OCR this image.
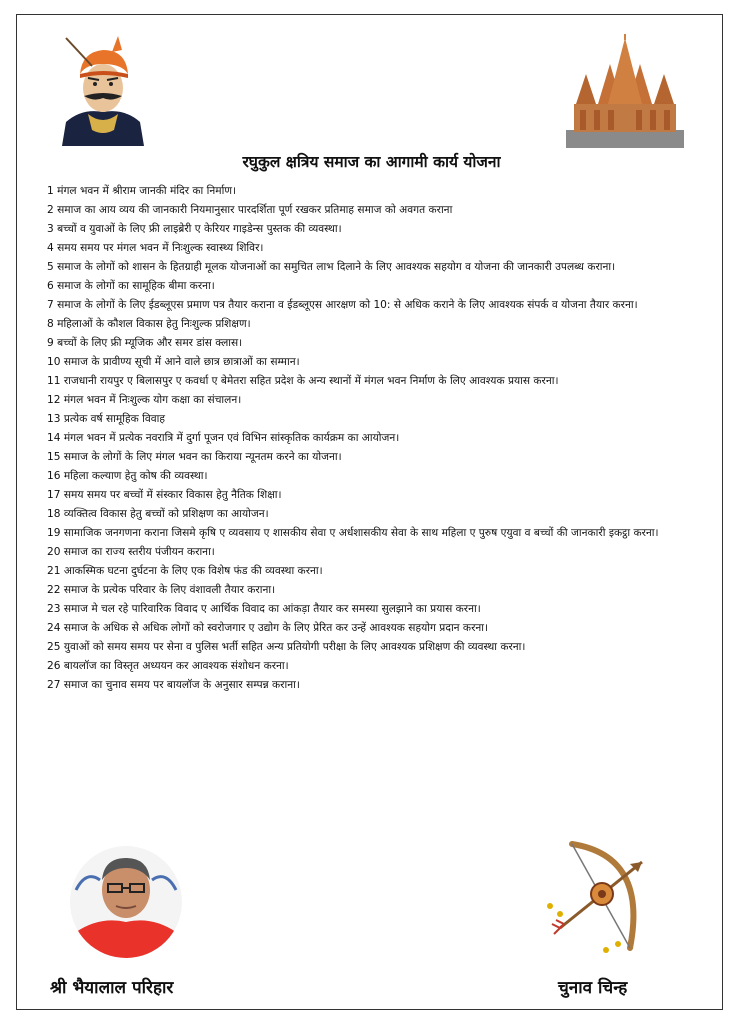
रघुकुल क्षत्रिय समाज का आगामी कार्य योजना
1 मंगल भवन में श्रीराम जानकी मंदिर का निर्माण।
2 समाज का आय व्यय की जानकारी नियमानुसार पारदर्शिता पूर्ण रखकर प्रतिमाह समाज को अवगत कराना
3 बच्चों व युवाओं के लिए फ्री लाइब्रेरी ए केरियर गाइडेन्स पुस्तक की व्यवस्था।
4 समय समय पर मंगल भवन में निःशुल्क स्वास्थ्य शिविर।
5 समाज के लोगों को शासन के हितग्राही मूलक योजनाओं का समुचित लाभ दिलाने के लिए आवश्यक सहयोग व योजना की जानकारी उपलब्ध कराना।
6 समाज के लोगों का सामूहिक बीमा करना।
7 समाज के लोगों के लिए ईडब्लूएस प्रमाण पत्र तैयार कराना व ईडब्लूएस आरक्षण को 10: से अधिक कराने के लिए आवश्यक संपर्क व योजना तैयार करना।
8 महिलाओं के कौशल विकास हेतु निःशुल्क प्रशिक्षण।
9 बच्चों के लिए फ्री म्यूजिक और समर डांस क्लास।
10 समाज के प्रावीण्य सूची में आने वाले छात्र छात्राओं का सम्मान।
11 राजधानी रायपुर ए बिलासपुर ए कवर्धा ए बेमेतरा सहित प्रदेश के अन्य स्थानों में मंगल भवन निर्माण के लिए आवश्यक प्रयास करना।
12 मंगल भवन में निःशुल्क योग कक्षा का संचालन।
13 प्रत्येक वर्ष सामूहिक विवाह
14 मंगल भवन में प्रत्येक नवरात्रि में दुर्गा पूजन एवं विभिन सांस्कृतिक कार्यक्रम का आयोजन।
15 समाज के लोगों के लिए मंगल भवन का किराया न्यूनतम करने का योजना।
16 महिला कल्याण हेतु कोष की व्यवस्था।
17 समय समय पर बच्चों में संस्कार विकास हेतु नैतिक शिक्षा।
18 व्यक्तित्व विकास हेतु बच्चों को प्रशिक्षण का आयोजन।
19 सामाजिक जनगणना कराना जिसमे कृषि ए व्यवसाय ए शासकीय सेवा ए अर्धशासकीय सेवा के साथ महिला ए पुरुष एयुवा व बच्चों की जानकारी इकट्ठा करना।
20 समाज का राज्य स्तरीय पंजीयन कराना।
21 आकस्मिक घटना दुर्घटना के लिए एक विशेष फंड की व्यवस्था करना।
22 समाज के प्रत्येक परिवार के लिए वंशावली तैयार कराना।
23 समाज मे चल रहे पारिवारिक विवाद ए आर्थिक विवाद का आंकड़ा तैयार कर समस्या सुलझाने का प्रयास करना।
24 समाज के अधिक से अधिक लोगों को स्वरोजगार ए उद्योग के लिए प्रेरित कर उन्हें आवश्यक सहयोग प्रदान करना।
25 युवाओं को समय समय पर सेना व पुलिस भर्ती सहित अन्य प्रतियोगी परीक्षा के लिए आवश्यक प्रशिक्षण की व्यवस्था करना।
26 बायलॉज का विस्तृत अध्ययन कर आवश्यक संशोधन करना।
27 समाज का चुनाव समय पर बायलॉज के अनुसार सम्पन्न कराना।
श्री भैयालाल परिहार	चुनाव चिन्ह
